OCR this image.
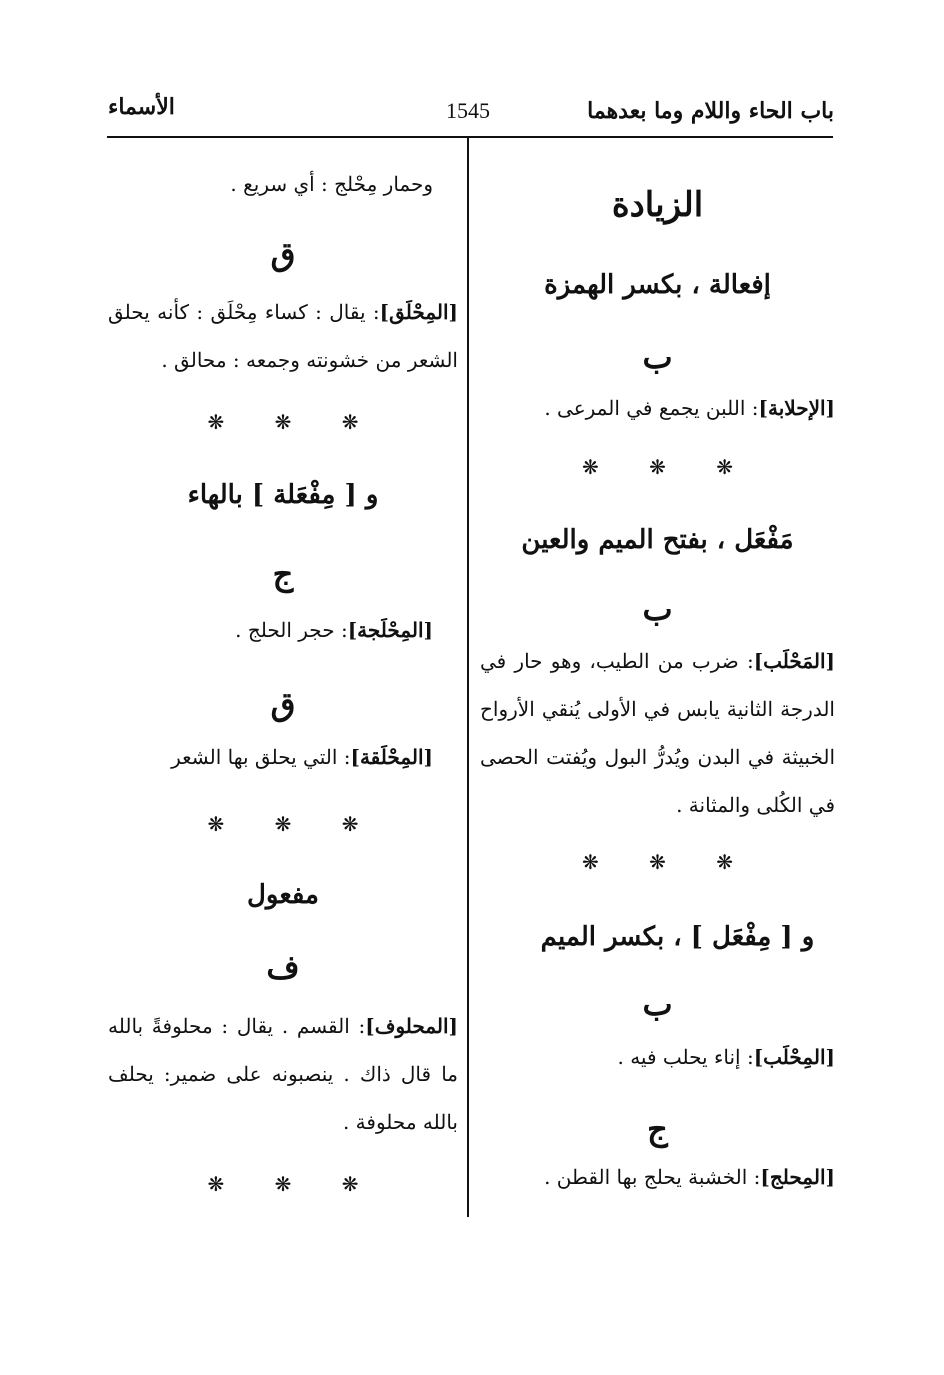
باب الحاء واللام وما بعدهما
1545
الأسماء
الزيادة
إفعالة ، بكسر الهمزة
ب
[الإحلابة]: اللبن يجمع في المرعى .
❋ ❋ ❋
مَفْعَل ، بفتح الميم والعين
ب
[المَحْلَب]: ضرب من الطيب، وهو حار في الدرجة الثانية يابس في الأولى يُنقي الأرواح الخبيثة في البدن ويُدرُّ البول ويُفتت الحصى في الكُلى والمثانة .
❋ ❋ ❋
و [ مِفْعَل ] ، بكسر الميم
ب
[المِحْلَب]: إناء يحلب فيه .
ج
[المِحلج]: الخشبة يحلج بها القطن .
وحمار مِحْلج : أي سريع .
ق
[المِحْلَق]: يقال : كساء مِحْلَق : كأنه يحلق الشعر من خشونته وجمعه : محالق .
❋ ❋ ❋
و [ مِفْعَلة ] بالهاء
ج
[المِحْلَجة]: حجر الحلج .
ق
[المِحْلَقة]: التي يحلق بها الشعر
❋ ❋ ❋
مفعول
ف
[المحلوف]: القسم . يقال : محلوفةً بالله ما قال ذاك . ينصبونه على ضمير: يحلف بالله محلوفة .
❋ ❋ ❋
